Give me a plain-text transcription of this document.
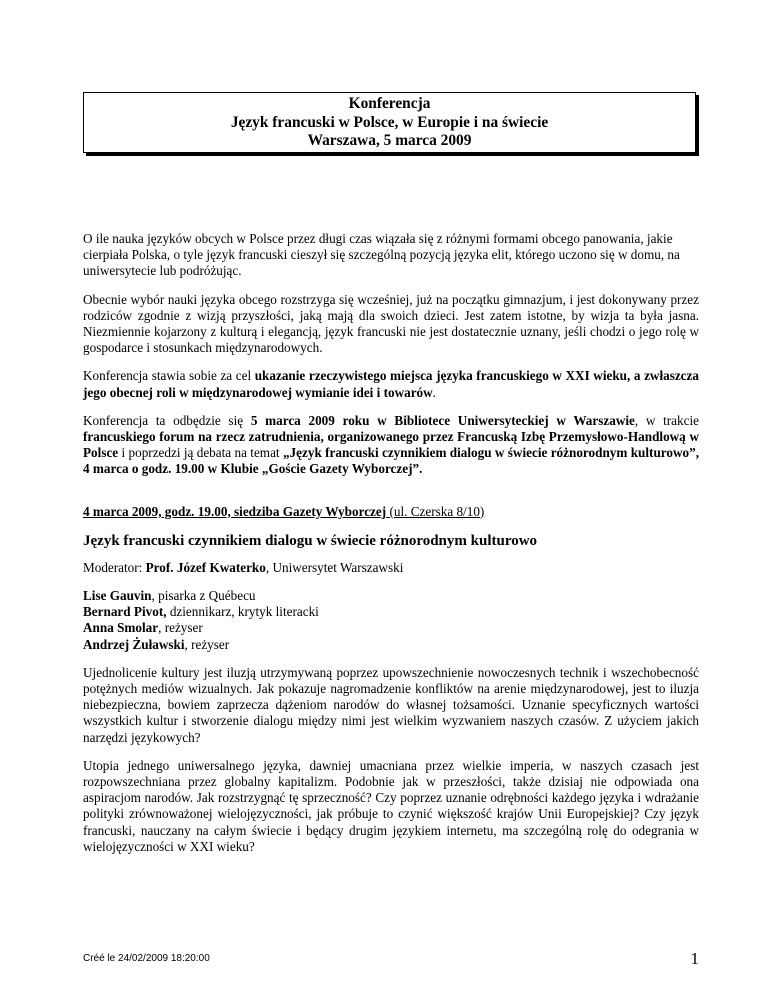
Konferencja
Język francuski w Polsce, w Europie i na świecie
Warszawa, 5 marca 2009

O ile nauka języków obcych w Polsce przez długi czas wiązała się z różnymi formami obcego panowania, jakie cierpiała Polska, o tyle język francuski cieszył się szczególną pozycją języka elit, którego uczono się w domu, na uniwersytecie lub podróżując.

Obecnie wybór nauki języka obcego rozstrzyga się wcześniej, już na początku gimnazjum, i jest dokonywany przez rodziców zgodnie z wizją przyszłości, jaką mają dla swoich dzieci. Jest zatem istotne, by wizja ta była jasna. Niezmiennie kojarzony z kulturą i elegancją, język francuski nie jest dostatecznie uznany, jeśli chodzi o jego rolę w gospodarce i stosunkach międzynarodowych.

Konferencja stawia sobie za cel ukazanie rzeczywistego miejsca języka francuskiego w XXI wieku, a zwłaszcza jego obecnej roli w międzynarodowej wymianie idei i towarów.

Konferencja ta odbędzie się 5 marca 2009 roku w Bibliotece Uniwersyteckiej w Warszawie, w trakcie francuskiego forum na rzecz zatrudnienia, organizowanego przez Francuską Izbę Przemysłowo-Handlową w Polsce i poprzedzi ją debata na temat „Język francuski czynnikiem dialogu w świecie różnorodnym kulturowo”, 4 marca o godz. 19.00 w Klubie „Goście Gazety Wyborczej”.

4 marca 2009, godz. 19.00, siedziba Gazety Wyborczej (ul. Czerska 8/10)

Język francuski czynnikiem dialogu w świecie różnorodnym kulturowo

Moderator: Prof. Józef Kwaterko, Uniwersytet Warszawski

Lise Gauvin, pisarka z Québecu
Bernard Pivot, dziennikarz, krytyk literacki
Anna Smolar, reżyser
Andrzej Żuławski, reżyser

Ujednolicenie kultury jest iluzją utrzymywaną poprzez upowszechnienie nowoczesnych technik i wszechobecność potężnych mediów wizualnych. Jak pokazuje nagromadzenie konfliktów na arenie międzynarodowej, jest to iluzja niebezpieczna, bowiem zaprzecza dążeniom narodów do własnej tożsamości. Uznanie specyficznych wartości wszystkich kultur i stworzenie dialogu między nimi jest wielkim wyzwaniem naszych czasów. Z użyciem jakich narzędzi językowych?

Utopia jednego uniwersalnego języka, dawniej umacniana przez wielkie imperia, w naszych czasach jest rozpowszechniana przez globalny kapitalizm. Podobnie jak w przeszłości, także dzisiaj nie odpowiada ona aspiracjom narodów. Jak rozstrzygnąć tę sprzeczność? Czy poprzez uznanie odrębności każdego języka i wdrażanie polityki zrównoważonej wielojęzyczności, jak próbuje to czynić większość krajów Unii Europejskiej? Czy język francuski, nauczany na całym świecie i będący drugim językiem internetu, ma szczególną rolę do odegrania w wielojęzyczności w XXI wieku?

Créé le 24/02/2009 18:20:00	1
